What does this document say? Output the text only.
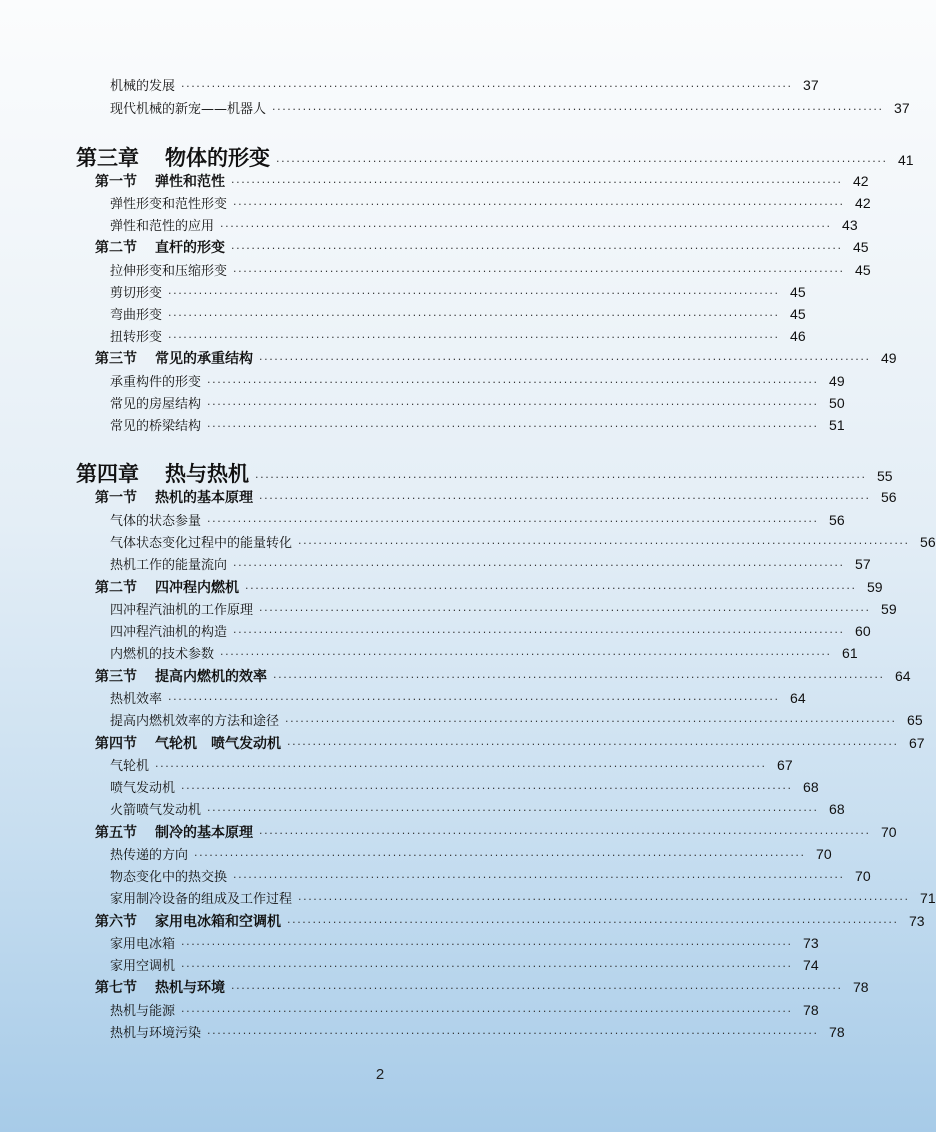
机械的发展 ························································································································ 37
现代机械的新宠——机器人 ························································································································ 37
第三章 物体的形变 ························································································································ 41
第一节 弹性和范性 ························································································································ 42
弹性形变和范性形变 ························································································································ 42
弹性和范性的应用 ························································································································ 43
第二节 直杆的形变 ························································································································ 45
拉伸形变和压缩形变 ························································································································ 45
剪切形变 ························································································································ 45
弯曲形变 ························································································································ 45
扭转形变 ························································································································ 46
第三节 常见的承重结构 ························································································································ 49
承重构件的形变 ························································································································ 49
常见的房屋结构 ························································································································ 50
常见的桥梁结构 ························································································································ 51
第四章 热与热机 ························································································································ 55
第一节 热机的基本原理 ························································································································ 56
气体的状态参量 ························································································································ 56
气体状态变化过程中的能量转化 ························································································································ 56
热机工作的能量流向 ························································································································ 57
第二节 四冲程内燃机 ························································································································ 59
四冲程汽油机的工作原理 ························································································································ 59
四冲程汽油机的构造 ························································································································ 60
内燃机的技术参数 ························································································································ 61
第三节 提高内燃机的效率 ························································································································ 64
热机效率 ························································································································ 64
提高内燃机效率的方法和途径 ························································································································ 65
第四节 气轮机　喷气发动机 ························································································································ 67
气轮机 ························································································································ 67
喷气发动机 ························································································································ 68
火箭喷气发动机 ························································································································ 68
第五节 制冷的基本原理 ························································································································ 70
热传递的方向 ························································································································ 70
物态变化中的热交换 ························································································································ 70
家用制冷设备的组成及工作过程 ························································································································ 71
第六节 家用电冰箱和空调机 ························································································································ 73
家用电冰箱 ························································································································ 73
家用空调机 ························································································································ 74
第七节 热机与环境 ························································································································ 78
热机与能源 ························································································································ 78
热机与环境污染 ························································································································ 78
2
